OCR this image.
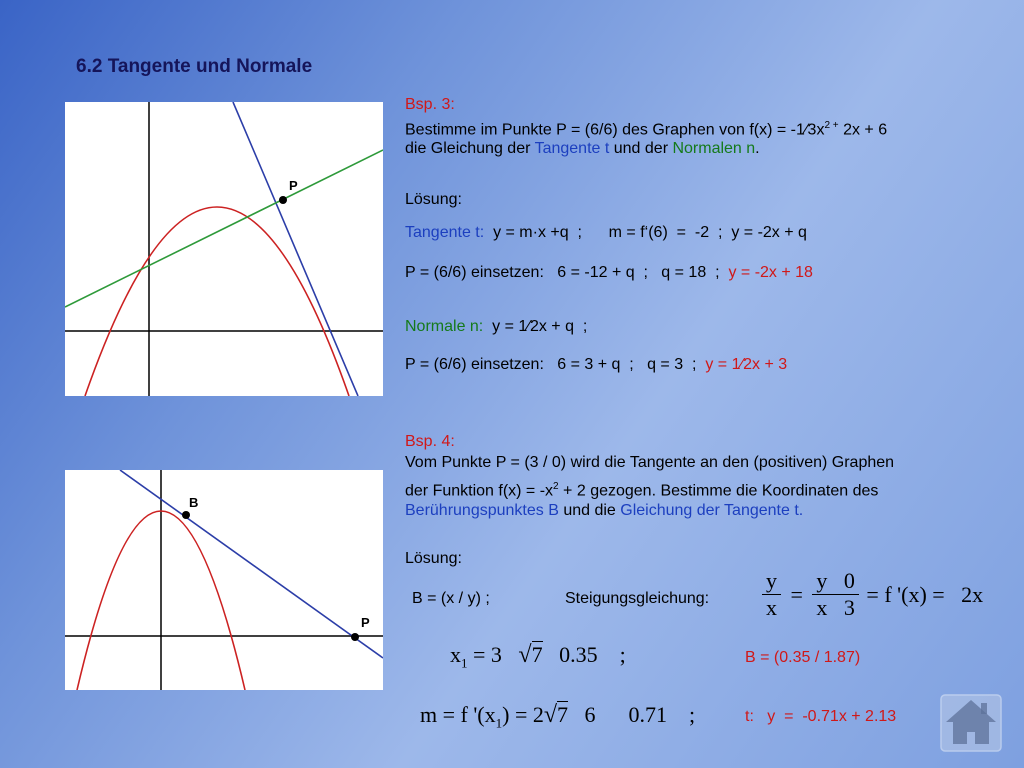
6.2 Tangente und Normale
P
B
P
Bsp. 3:
Bestimme im Punkte P = (6/6) des Graphen von $f(x) = -1⁄3x^{2 +}$ 2x + 6
die Gleichung der Tangente t und der Normalen n.
Lösung:
Tangente t:  y = m·x +q  ;      m = f‘(6)  =  -2  ;  y = -2x + q
P = (6/6) einsetzen:   6 = -12 + q  ;   q = 18  ;  y = -2x + 18
Normale n:  y = 1⁄2x + q  ;
P = (6/6) einsetzen:   6 = 3 + q  ;   q = 3  ;  y = 1⁄2x + 3
Bsp. 4:
Vom Punkte P = (3 / 0) wird die Tangente an den (positiven) Graphen
der Funktion $f(x) = -x^2 + 2$ gezogen. Bestimme die Koordinaten des
Berührungspunktes B und die Gleichung der Tangente t.
Lösung:
B = (x / y) ;	Steigungsgleichung: $\frac{y}{x} = \frac{y 0}{x 3} = f$ '(x) =   2x
$x_1 = 3$   √7   0.35    ;	B = (0.35 / 1.87)
m = f '$(x_1) = 2√7$   6      0.71    ;	t:   y  =  -0.71x + 2.13
